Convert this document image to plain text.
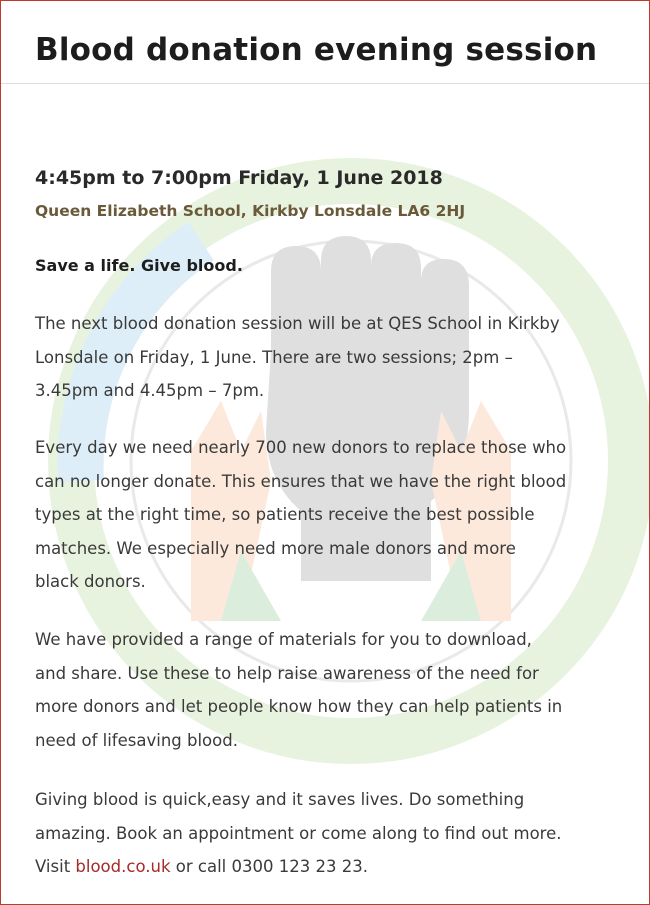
Blood donation evening session

4:45pm to 7:00pm Friday, 1 June 2018

Queen Elizabeth School, Kirkby Lonsdale LA6 2HJ

Save a life. Give blood.

The next blood donation session will be at QES School in Kirkby
Lonsdale on Friday, 1 June. There are two sessions; 2pm –
3.45pm and 4.45pm – 7pm.
Every day we need nearly 700 new donors to replace those who
can no longer donate. This ensures that we have the right blood
types at the right time, so patients receive the best possible
matches. We especially need more male donors and more
black donors.
We have provided a range of materials for you to download,
and share. Use these to help raise awareness of the need for
more donors and let people know how they can help patients in
need of lifesaving blood.
Giving blood is quick,easy and it saves lives. Do something
amazing. Book an appointment or come along to find out more.
Visit blood.co.uk or call 0300 123 23 23.
